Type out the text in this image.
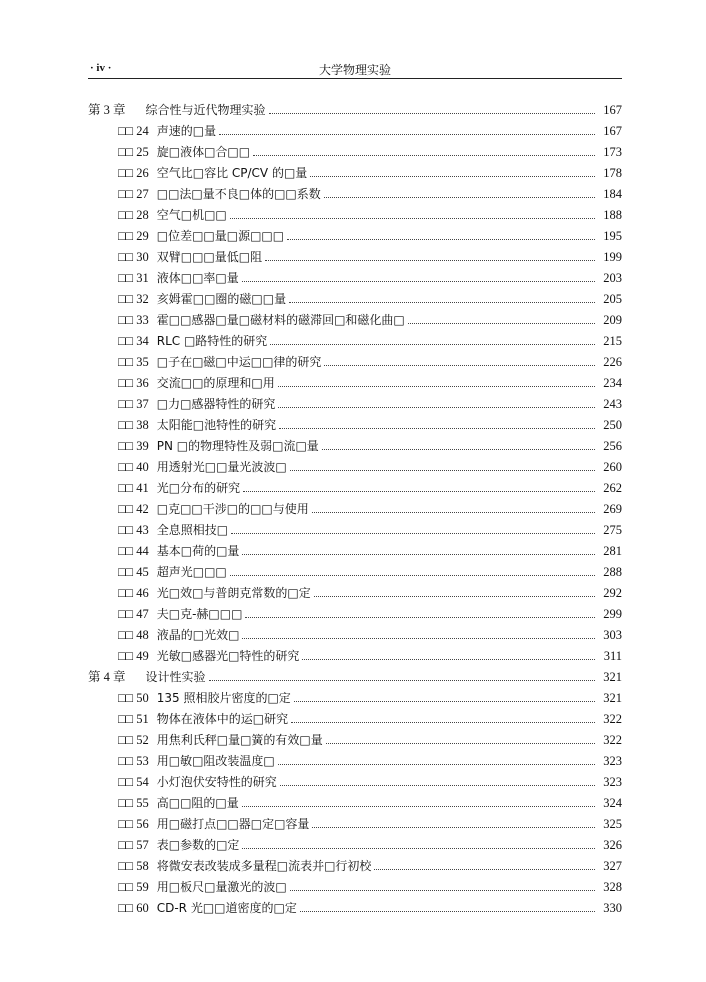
· iv ·	大学物理实验
第 3 章 综合性与近代物理实验	167
□□ 24 声速的□量	167
□□ 25 旋□液体□合□□	173
□□ 26 空气比□容比 CP/CV 的□量	178
□□ 27 □□法□量不良□体的□□系数	184
□□ 28 空气□机□□	188
□□ 29 □位差□□量□源□□□	195
□□ 30 双臂□□□量低□阻	199
□□ 31 液体□□率□量	203
□□ 32 亥姆霍□□圈的磁□□量	205
□□ 33 霍□□感器□量□磁材料的磁滞回□和磁化曲□	209
□□ 34 RLC □路特性的研究	215
□□ 35 □子在□磁□中运□□律的研究	226
□□ 36 交流□□的原理和□用	234
□□ 37 □力□感器特性的研究	243
□□ 38 太阳能□池特性的研究	250
□□ 39 PN □的物理特性及弱□流□量	256
□□ 40 用透射光□□量光波波□	260
□□ 41 光□分布的研究	262
□□ 42 □克□□干涉□的□□与使用	269
□□ 43 全息照相技□	275
□□ 44 基本□荷的□量	281
□□ 45 超声光□□□	288
□□ 46 光□效□与普朗克常数的□定	292
□□ 47 夫□克-赫□□□	299
□□ 48 液晶的□光效□	303
□□ 49 光敏□感器光□特性的研究	311
第 4 章 设计性实验	321
□□ 50 135 照相胶片密度的□定	321
□□ 51 物体在液体中的运□研究	322
□□ 52 用焦利氏秤□量□簧的有效□量	322
□□ 53 用□敏□阻改装温度□	323
□□ 54 小灯泡伏安特性的研究	323
□□ 55 高□□阻的□量	324
□□ 56 用□磁打点□□器□定□容量	325
□□ 57 表□参数的□定	326
□□ 58 将微安表改装成多量程□流表并□行初校	327
□□ 59 用□板尺□量激光的波□	328
□□ 60 CD-R 光□□道密度的□定	330
